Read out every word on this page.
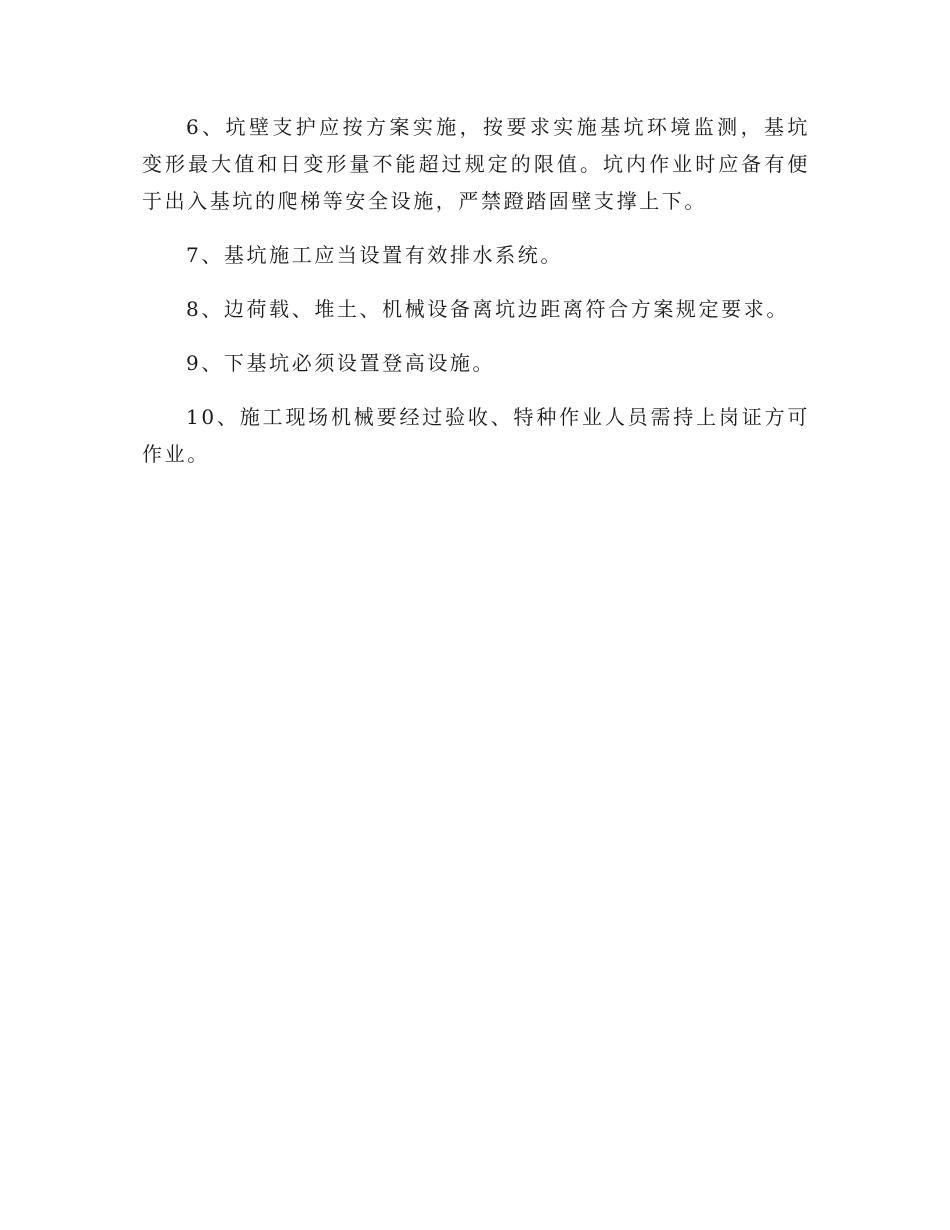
6、坑壁支护应按方案实施，按要求实施基坑环境监测，基坑变形最大值和日变形量不能超过规定的限值。坑内作业时应备有便于出入基坑的爬梯等安全设施，严禁蹬踏固壁支撑上下。

7、基坑施工应当设置有效排水系统。

8、边荷载、堆土、机械设备离坑边距离符合方案规定要求。

9、下基坑必须设置登高设施。

10、施工现场机械要经过验收、特种作业人员需持上岗证方可作业。
